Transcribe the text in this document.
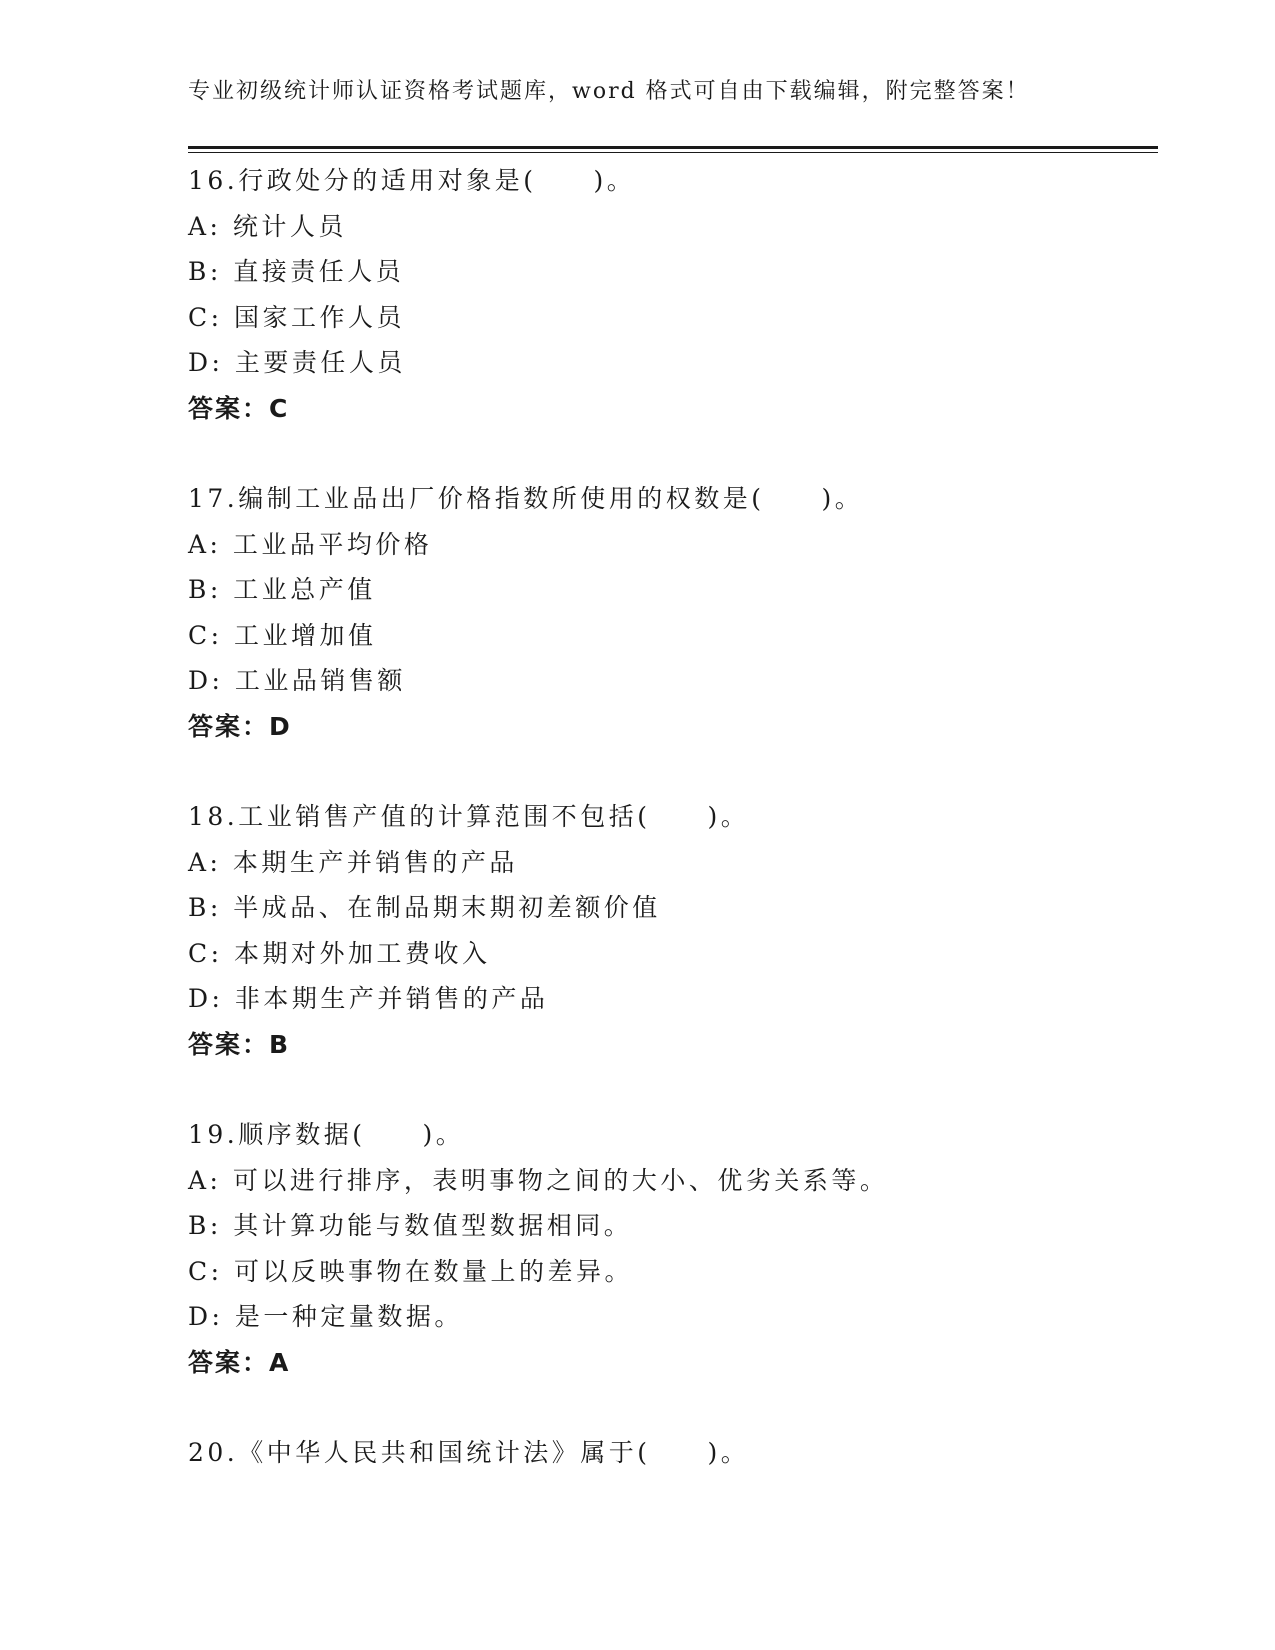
专业初级统计师认证资格考试题库，word 格式可自由下载编辑，附完整答案！
16.行政处分的适用对象是(　　)。
A: 统计人员
B: 直接责任人员
C: 国家工作人员
D: 主要责任人员
答案：C
17.编制工业品出厂价格指数所使用的权数是(　　)。
A: 工业品平均价格
B: 工业总产值
C: 工业增加值
D: 工业品销售额
答案：D
18.工业销售产值的计算范围不包括(　　)。
A: 本期生产并销售的产品
B: 半成品、在制品期末期初差额价值
C: 本期对外加工费收入
D: 非本期生产并销售的产品
答案：B
19.顺序数据(　　)。
A: 可以进行排序，表明事物之间的大小、优劣关系等。
B: 其计算功能与数值型数据相同。
C: 可以反映事物在数量上的差异。
D: 是一种定量数据。
答案：A
20.《中华人民共和国统计法》属于(　　)。
